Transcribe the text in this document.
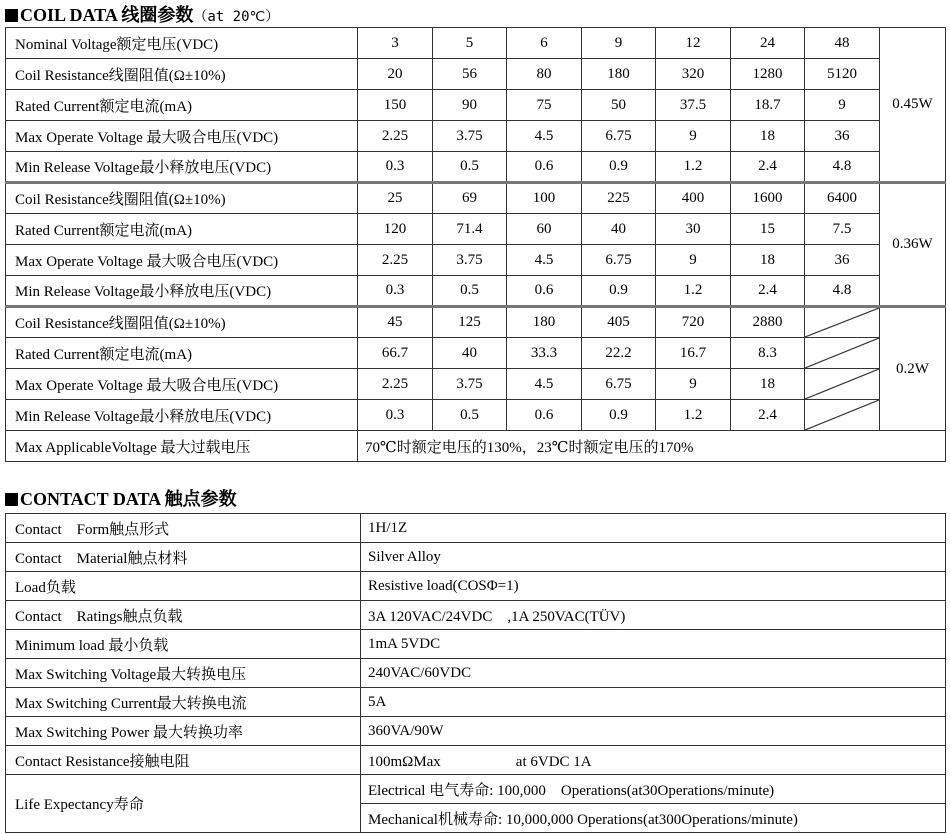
COIL DATA 线圈参数（at 20℃）
Nominal Voltage额定电压(VDC)	3	5	6	9	12	24	48	0.45W
Coil Resistance线圈阻值(Ω±10%)	20	56	80	180	320	1280	5120	
Rated Current额定电流(mA)	150	90	75	50	37.5	18.7	9	
Max Operate Voltage 最大吸合电压(VDC)	2.25	3.75	4.5	6.75	9	18	36	
Min Release Voltage最小释放电压(VDC)	0.3	0.5	0.6	0.9	1.2	2.4	4.8	
Coil Resistance线圈阻值(Ω±10%)	25	69	100	225	400	1600	6400	0.36W
Rated Current额定电流(mA)	120	71.4	60	40	30	15	7.5	
Max Operate Voltage 最大吸合电压(VDC)	2.25	3.75	4.5	6.75	9	18	36	
Min Release Voltage最小释放电压(VDC)	0.3	0.5	0.6	0.9	1.2	2.4	4.8	
Coil Resistance线圈阻值(Ω±10%)	45	125	180	405	720	2880		0.2W
Rated Current额定电流(mA)	66.7	40	33.3	22.2	16.7	8.3	

Max Operate Voltage 最大吸合电压(VDC)	2.25	3.75	4.5	6.75	9	18	

Min Release Voltage最小释放电压(VDC)	0.3	0.5	0.6	0.9	1.2	2.4	

Max ApplicableVoltage 最大过载电压	70℃时额定电压的130%，23℃时额定电压的170%							
CONTACT DATA 触点参数
Contact　Form触点形式	1H/1Z
Contact　Material触点材料	Silver Alloy
Load负载	Resistive load(COSΦ=1)
Contact　Ratings触点负载	3A 120VAC/24VDC　,1A 250VAC(TÜV)
Minimum load 最小负载	1mA 5VDC
Max Switching Voltage最大转换电压	240VAC/60VDC
Max Switching Current最大转换电流	5A
Max Switching Power 最大转换功率	360VA/90W
Contact Resistance接触电阻	100mΩMax　　　　　at 6VDC 1A
Life Expectancy寿命	Electrical 电气寿命: 100,000　Operations(at30Operations/minute)
	Mechanical机械寿命: 10,000,000 Operations(at300Operations/minute)
